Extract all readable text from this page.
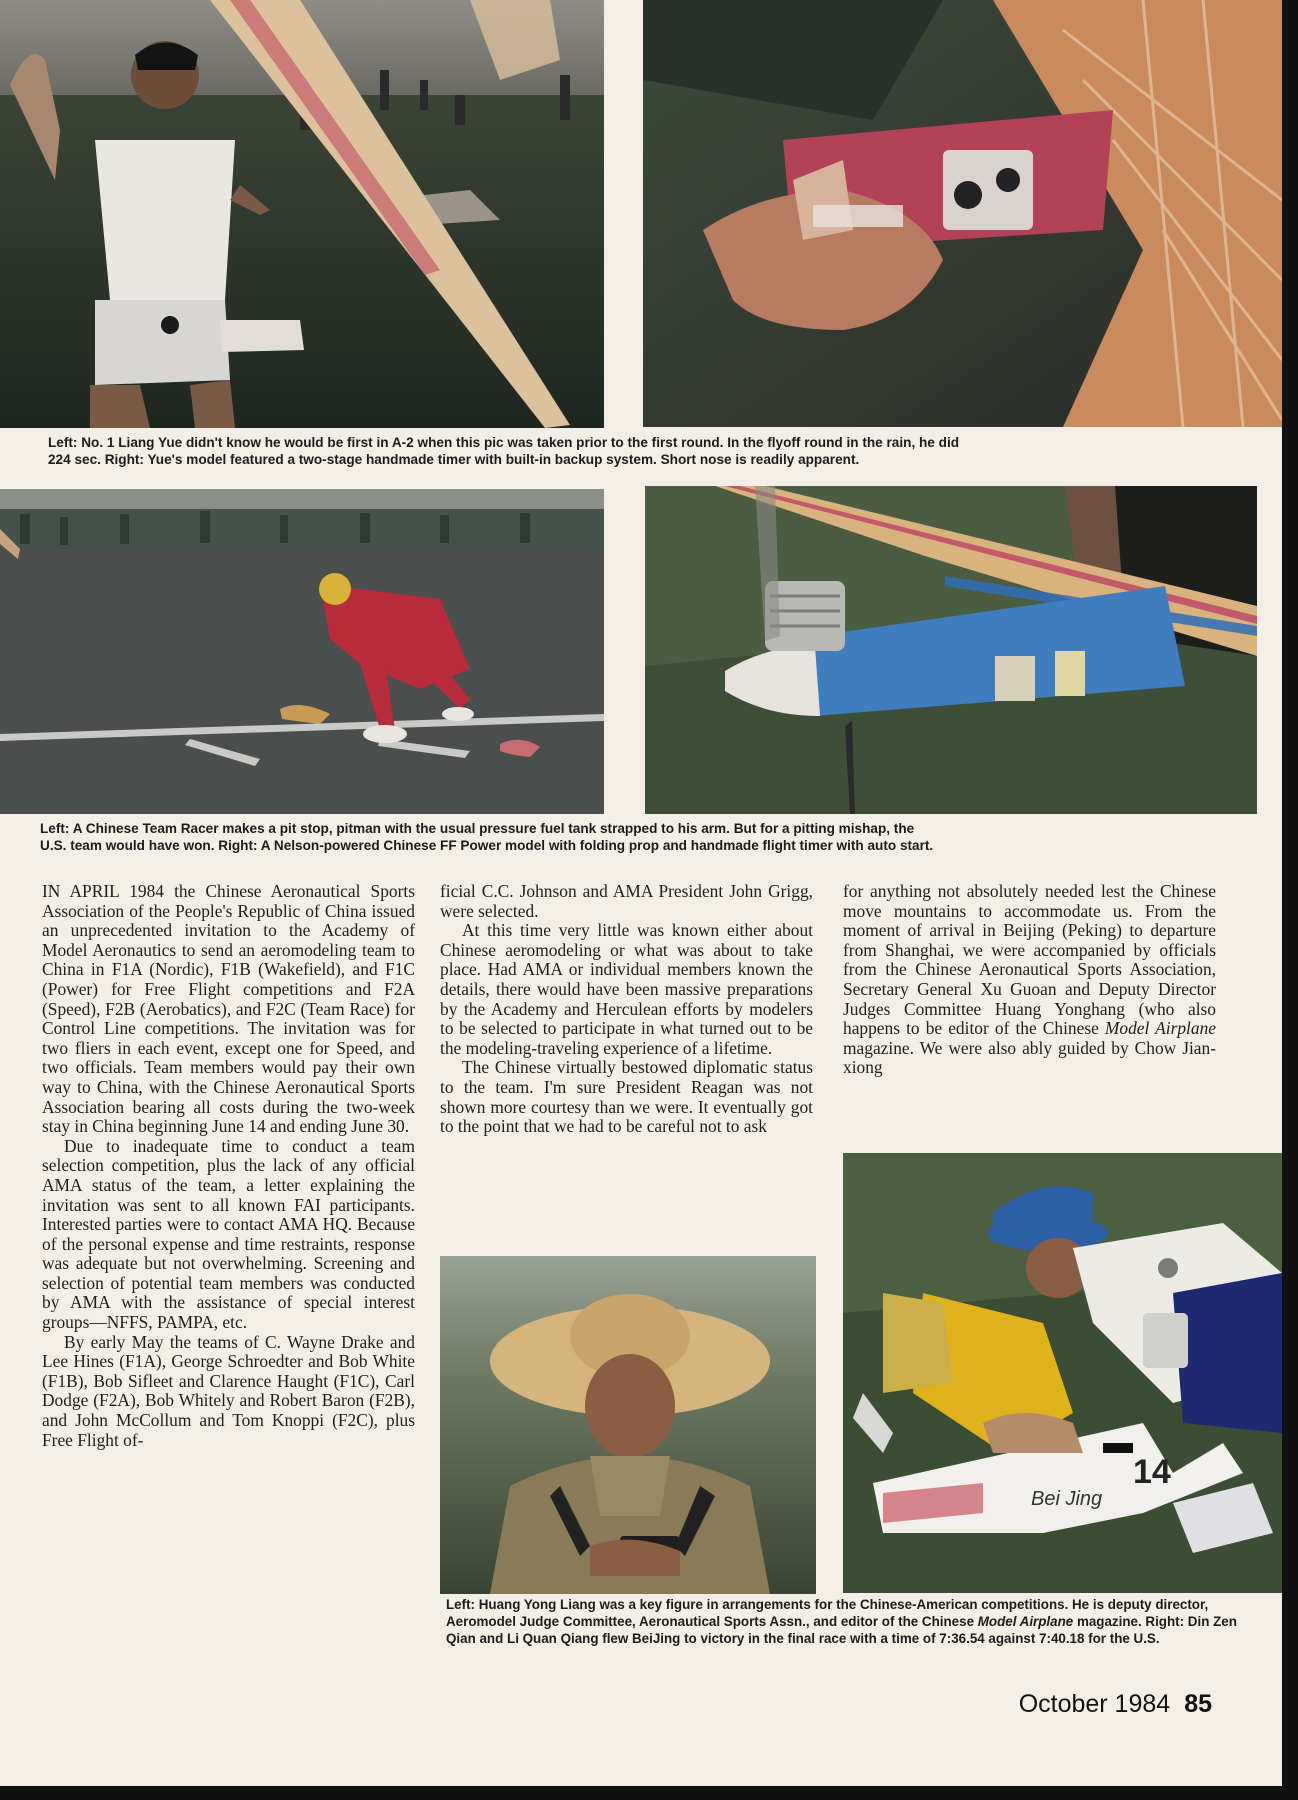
Left: No. 1 Liang Yue didn't know he would be first in A-2 when this pic was taken prior to the first round. In the flyoff round in the rain, he did
224 sec. Right: Yue's model featured a two-stage handmade timer with built-in backup system. Short nose is readily apparent.

Left: A Chinese Team Racer makes a pit stop, pitman with the usual pressure fuel tank strapped to his arm. But for a pitting mishap, the
U.S. team would have won. Right: A Nelson-powered Chinese FF Power model with folding prop and handmade flight timer with auto start.

IN APRIL 1984 the Chinese Aeronautical Sports Association of the People's Republic of China issued an unprecedented invitation to the Academy of Model Aeronautics to send an aeromodeling team to China in F1A (Nordic), F1B (Wakefield), and F1C (Power) for Free Flight competitions and F2A (Speed), F2B (Aerobatics), and F2C (Team Race) for Control Line competitions. The invitation was for two fliers in each event, except one for Speed, and two officials. Team members would pay their own way to China, with the Chinese Aeronautical Sports Association bearing all costs during the two-week stay in China beginning June 14 and ending June 30.

Due to inadequate time to conduct a team selection competition, plus the lack of any official AMA status of the team, a letter explaining the invitation was sent to all known FAI participants. Interested parties were to contact AMA HQ. Because of the personal expense and time restraints, response was adequate but not overwhelming. Screening and selection of potential team members was conducted by AMA with the assistance of special interest groups—NFFS, PAMPA, etc.

By early May the teams of C. Wayne Drake and Lee Hines (F1A), George Schroedter and Bob White (F1B), Bob Sifleet and Clarence Haught (F1C), Carl Dodge (F2A), Bob Whitely and Robert Baron (F2B), and John McCollum and Tom Knoppi (F2C), plus Free Flight of-

ficial C.C. Johnson and AMA President John Grigg, were selected.

At this time very little was known either about Chinese aeromodeling or what was about to take place. Had AMA or individual members known the details, there would have been massive preparations by the Academy and Herculean efforts by modelers to be selected to participate in what turned out to be the modeling-traveling experience of a lifetime.

The Chinese virtually bestowed diplomatic status to the team. I'm sure President Reagan was not shown more courtesy than we were. It eventually got to the point that we had to be careful not to ask

for anything not absolutely needed lest the Chinese move mountains to accommodate us. From the moment of arrival in Beijing (Peking) to departure from Shanghai, we were accompanied by officials from the Chinese Aeronautical Sports Association, Secretary General Xu Guoan and Deputy Director Judges Committee Huang Yonghang (who also happens to be editor of the Chinese Model Airplane magazine. We were also ably guided by Chow Jian-xiong

Bei Jing
14

Left: Huang Yong Liang was a key figure in arrangements for the Chinese-American competitions. He is deputy director, Aeromodel Judge Committee, Aeronautical Sports Assn., and editor of the Chinese Model Airplane magazine. Right: Din Zen Qian and Li Quan Qiang flew BeiJing to victory in the final race with a time of 7:36.54 against 7:40.18 for the U.S.

October 1984 85
